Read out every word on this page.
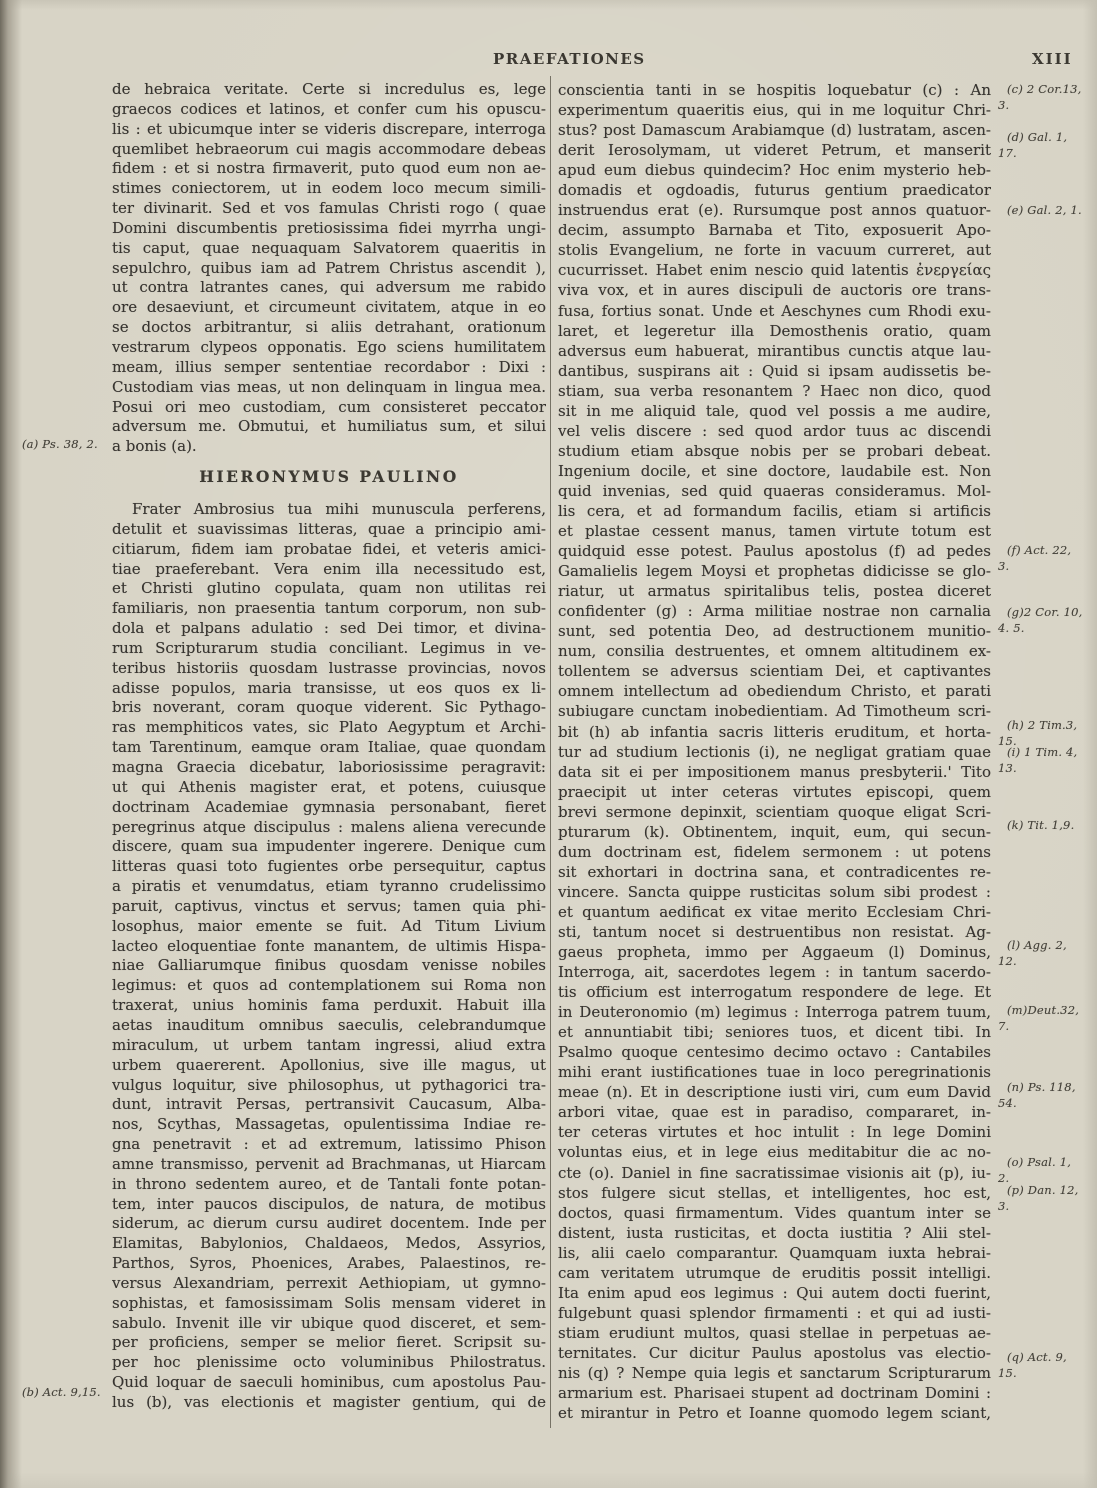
PRAEFATIONES	XIII
de hebraica veritate. Certe si incredulus es, lege
graecos codices et latinos, et confer cum his opuscu-
lis : et ubicumque inter se videris discrepare, interroga
quemlibet hebraeorum cui magis accommodare debeas
fidem : et si nostra firmaverit, puto quod eum non ae-
stimes coniectorem, ut in eodem loco mecum simili-
ter divinarit. Sed et vos famulas Christi rogo ( quae
Domini discumbentis pretiosissima fidei myrrha ungi-
tis caput, quae nequaquam Salvatorem quaeritis in
sepulchro, quibus iam ad Patrem Christus ascendit ),
ut contra latrantes canes, qui adversum me rabido
ore desaeviunt, et circumeunt civitatem, atque in eo
se doctos arbitrantur, si aliis detrahant, orationum
vestrarum clypeos opponatis. Ego sciens humilitatem
meam, illius semper sententiae recordabor : Dixi :
Custodiam vias meas, ut non delinquam in lingua mea.
Posui ori meo custodiam, cum consisteret peccator
adversum me. Obmutui, et humiliatus sum, et silui
a bonis (a).
HIERONYMUS PAULINO
Frater Ambrosius tua mihi munuscula perferens,
detulit et suavissimas litteras, quae a principio ami-
citiarum, fidem iam probatae fidei, et veteris amici-
tiae praeferebant. Vera enim illa necessitudo est,
et Christi glutino copulata, quam non utilitas rei
familiaris, non praesentia tantum corporum, non sub-
dola et palpans adulatio : sed Dei timor, et divina-
rum Scripturarum studia conciliant. Legimus in ve-
teribus historiis quosdam lustrasse provincias, novos
adisse populos, maria transisse, ut eos quos ex li-
bris noverant, coram quoque viderent. Sic Pythago-
ras memphiticos vates, sic Plato Aegyptum et Archi-
tam Tarentinum, eamque oram Italiae, quae quondam
magna Graecia dicebatur, laboriosissime peragravit:
ut qui Athenis magister erat, et potens, cuiusque
doctrinam Academiae gymnasia personabant, fieret
peregrinus atque discipulus : malens aliena verecunde
discere, quam sua impudenter ingerere. Denique cum
litteras quasi toto fugientes orbe persequitur, captus
a piratis et venumdatus, etiam tyranno crudelissimo
paruit, captivus, vinctus et servus; tamen quia phi-
losophus, maior emente se fuit. Ad Titum Livium
lacteo eloquentiae fonte manantem, de ultimis Hispa-
niae Galliarumque finibus quosdam venisse nobiles
legimus: et quos ad contemplationem sui Roma non
traxerat, unius hominis fama perduxit. Habuit illa
aetas inauditum omnibus saeculis, celebrandumque
miraculum, ut urbem tantam ingressi, aliud extra
urbem quaererent. Apollonius, sive ille magus, ut
vulgus loquitur, sive philosophus, ut pythagorici tra-
dunt, intravit Persas, pertransivit Caucasum, Alba-
nos, Scythas, Massagetas, opulentissima Indiae re-
gna penetravit : et ad extremum, latissimo Phison
amne transmisso, pervenit ad Brachmanas, ut Hiarcam
in throno sedentem aureo, et de Tantali fonte potan-
tem, inter paucos discipulos, de natura, de motibus
siderum, ac dierum cursu audiret docentem. Inde per
Elamitas, Babylonios, Chaldaeos, Medos, Assyrios,
Parthos, Syros, Phoenices, Arabes, Palaestinos, re-
versus Alexandriam, perrexit Aethiopiam, ut gymno-
sophistas, et famosissimam Solis mensam videret in
sabulo. Invenit ille vir ubique quod disceret, et sem-
per proficiens, semper se melior fieret. Scripsit su-
per hoc plenissime octo voluminibus Philostratus.
Quid loquar de saeculi hominibus, cum apostolus Pau-
lus (b), vas electionis et magister gentium, qui de
conscientia tanti in se hospitis loquebatur (c) : An
experimentum quaeritis eius, qui in me loquitur Chri-
stus? post Damascum Arabiamque (d) lustratam, ascen-
derit Ierosolymam, ut videret Petrum, et manserit
apud eum diebus quindecim? Hoc enim mysterio heb-
domadis et ogdoadis, futurus gentium praedicator
instruendus erat (e). Rursumque post annos quatuor-
decim, assumpto Barnaba et Tito, exposuerit Apo-
stolis Evangelium, ne forte in vacuum curreret, aut
cucurrisset. Habet enim nescio quid latentis ἐνεργείας
viva vox, et in aures discipuli de auctoris ore trans-
fusa, fortius sonat. Unde et Aeschynes cum Rhodi exu-
laret, et legeretur illa Demosthenis oratio, quam
adversus eum habuerat, mirantibus cunctis atque lau-
dantibus, suspirans ait : Quid si ipsam audissetis be-
stiam, sua verba resonantem ? Haec non dico, quod
sit in me aliquid tale, quod vel possis a me audire,
vel velis discere : sed quod ardor tuus ac discendi
studium etiam absque nobis per se probari debeat.
Ingenium docile, et sine doctore, laudabile est. Non
quid invenias, sed quid quaeras consideramus. Mol-
lis cera, et ad formandum facilis, etiam si artificis
et plastae cessent manus, tamen virtute totum est
quidquid esse potest. Paulus apostolus (f) ad pedes
Gamalielis legem Moysi et prophetas didicisse se glo-
riatur, ut armatus spiritalibus telis, postea diceret
confidenter (g) : Arma militiae nostrae non carnalia
sunt, sed potentia Deo, ad destructionem munitio-
num, consilia destruentes, et omnem altitudinem ex-
tollentem se adversus scientiam Dei, et captivantes
omnem intellectum ad obediendum Christo, et parati
subiugare cunctam inobedientiam. Ad Timotheum scri-
bit (h) ab infantia sacris litteris eruditum, et horta-
tur ad studium lectionis (i), ne negligat gratiam quae
data sit ei per impositionem manus presbyterii.' Tito
praecipit ut inter ceteras virtutes episcopi, quem
brevi sermone depinxit, scientiam quoque eligat Scri-
pturarum (k). Obtinentem, inquit, eum, qui secun-
dum doctrinam est, fidelem sermonem : ut potens
sit exhortari in doctrina sana, et contradicentes re-
vincere. Sancta quippe rusticitas solum sibi prodest :
et quantum aedificat ex vitae merito Ecclesiam Chri-
sti, tantum nocet si destruentibus non resistat. Ag-
gaeus propheta, immo per Aggaeum (l) Dominus,
Interroga, ait, sacerdotes legem : in tantum sacerdo-
tis officium est interrogatum respondere de lege. Et
in Deuteronomio (m) legimus : Interroga patrem tuum,
et annuntiabit tibi; seniores tuos, et dicent tibi. In
Psalmo quoque centesimo decimo octavo : Cantabiles
mihi erant iustificationes tuae in loco peregrinationis
meae (n). Et in descriptione iusti viri, cum eum David
arbori vitae, quae est in paradiso, compararet, in-
ter ceteras virtutes et hoc intulit : In lege Domini
voluntas eius, et in lege eius meditabitur die ac no-
cte (o). Daniel in fine sacratissimae visionis ait (p), iu-
stos fulgere sicut stellas, et intelligentes, hoc est,
doctos, quasi firmamentum. Vides quantum inter se
distent, iusta rusticitas, et docta iustitia ? Alii stel-
lis, alii caelo comparantur. Quamquam iuxta hebrai-
cam veritatem utrumque de eruditis possit intelligi.
Ita enim apud eos legimus : Qui autem docti fuerint,
fulgebunt quasi splendor firmamenti : et qui ad iusti-
stiam erudiunt multos, quasi stellae in perpetuas ae-
ternitates. Cur dicitur Paulus apostolus vas electio-
nis (q) ? Nempe quia legis et sanctarum Scripturarum
armarium est. Pharisaei stupent ad doctrinam Domini :
et mirantur in Petro et Ioanne quomodo legem sciant,
(a) Ps. 38, 2.
(b) Act. 9,15.
(c) 2 Cor.13,
3.
(d) Gal. 1,
17.
(e) Gal. 2, 1.
(f) Act. 22,
3.
(g)2 Cor. 10,
4. 5.
(h) 2 Tim.3,
15.
(i) 1 Tim. 4,
13.
(k) Tit. 1,9.
(l) Agg. 2,
12.
(m)Deut.32,
7.
(n) Ps. 118,
54.
(o) Psal. 1,
2.
(p) Dan. 12,
3.
(q) Act. 9,
15.
